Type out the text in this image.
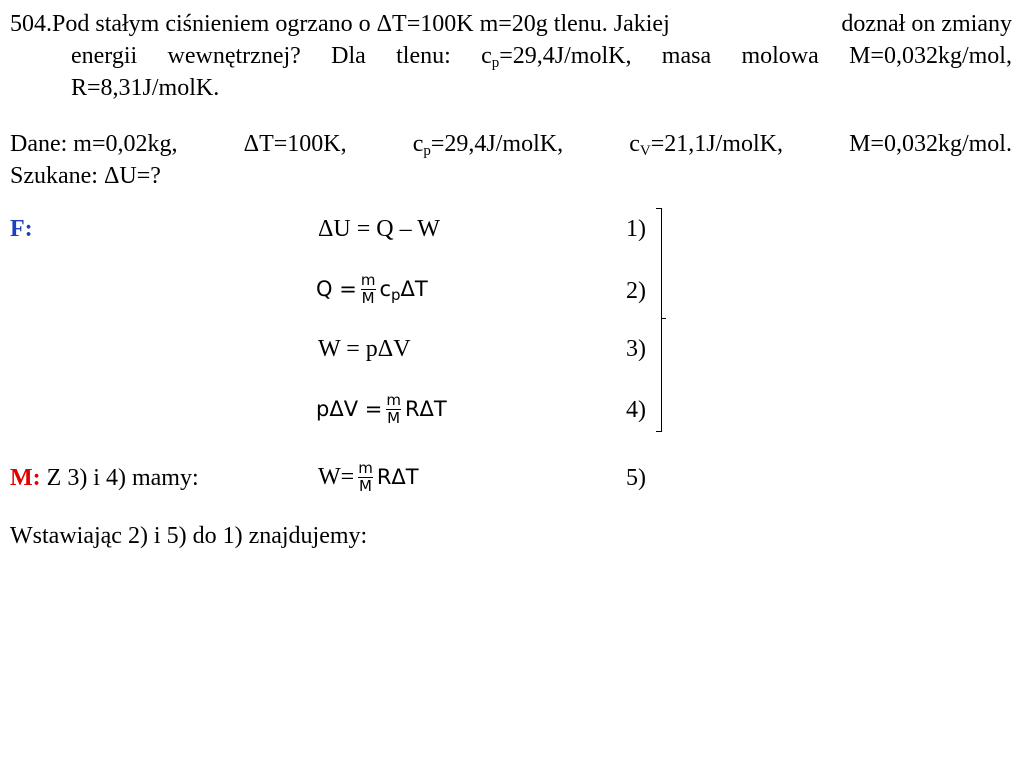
504.Pod stałym ciśnieniem ogrzano o ΔT=100K m=20g tlenu. Jakiej	doznał on zmiany
energii wewnętrznej? Dla tlenu: $c_p=29,4J$/molK, masa molowa M=0,032kg/mol,
R=8,31J/molK.
Dane: m=0,02kg,	ΔT=100K,	$c_p=29,4J$/molK,	$c_V=21,1J$/molK,	M=0,032kg/mol.
Szukane: ΔU=?
F:	ΔU = Q – W	1)
$Q = \frac{m}{M} c_p\Delta T$	2)
W = pΔV	3)
$p\Delta V = \frac{m}{M}$ RΔT	4)
M: Z 3) i 4) mamy:	$W= \frac{m}{M}$ RΔT	5)
Wstawiając 2) i 5) do 1) znajdujemy:
